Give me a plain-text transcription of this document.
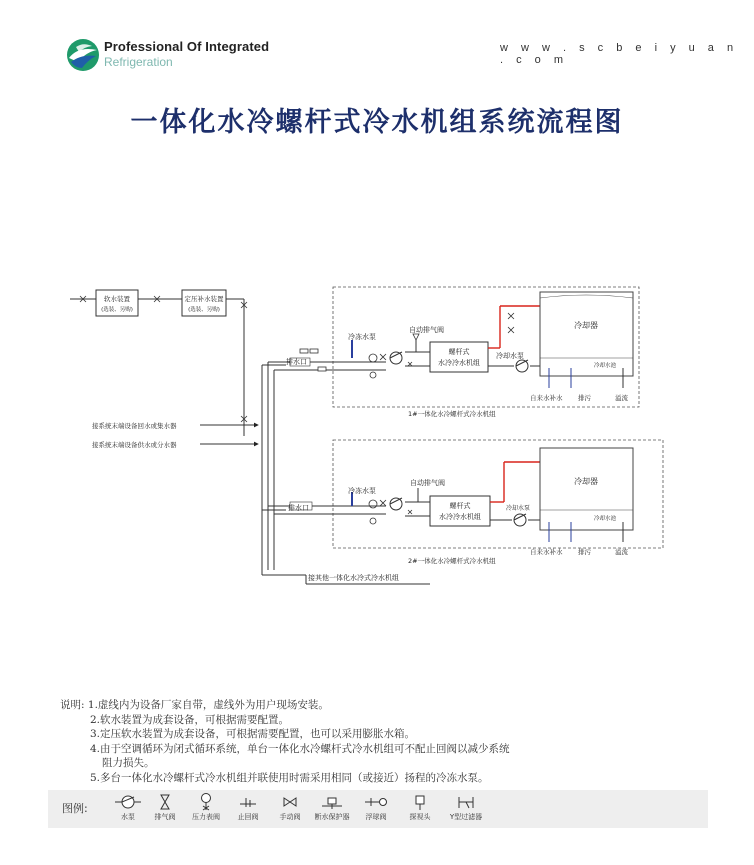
Professional Of Integrated
Refrigeration
w w w . s c b e i y u a n . c o m
一体化水冷螺杆式冷水机组系统流程图
软水装置
(选装、另购)
定压补水装置
(选装、另购)
接系统末端设备回水或集水器
接系统末端设备供水或分水器
接其他一体化水冷式冷水机组
排水口
冷冻水泵
自动排气阀
螺杆式
水冷冷水机组
冷却水泵
冷却器
冷却水池
自来水补水 排污	溢流
1#一体化水冷螺杆式冷水机组
排水口
冷冻水泵
自动排气阀
螺杆式
水冷冷水机组
冷却水泵
冷却器
冷却水池
自来水补水 排污	溢流
2#一体化水冷螺杆式冷水机组
说明: 1.虚线内为设备厂家自带，虚线外为用户现场安装。
2.软水装置为成套设备，可根据需要配置。
3.定压软水装置为成套设备，可根据需要配置，也可以采用膨胀水箱。
4.由于空调循环为闭式循环系统，单台一体化水冷螺杆式冷水机组可不配止回阀以减少系统
阻力损失。
5.多台一体化水冷螺杆式冷水机组并联使用时需采用相同（或接近）扬程的冷冻水泵。
图例:
水泵	排气阀	压力表阀	止回阀	手动阀	断水保护器	浮球阀	探视头	Y型过滤器
